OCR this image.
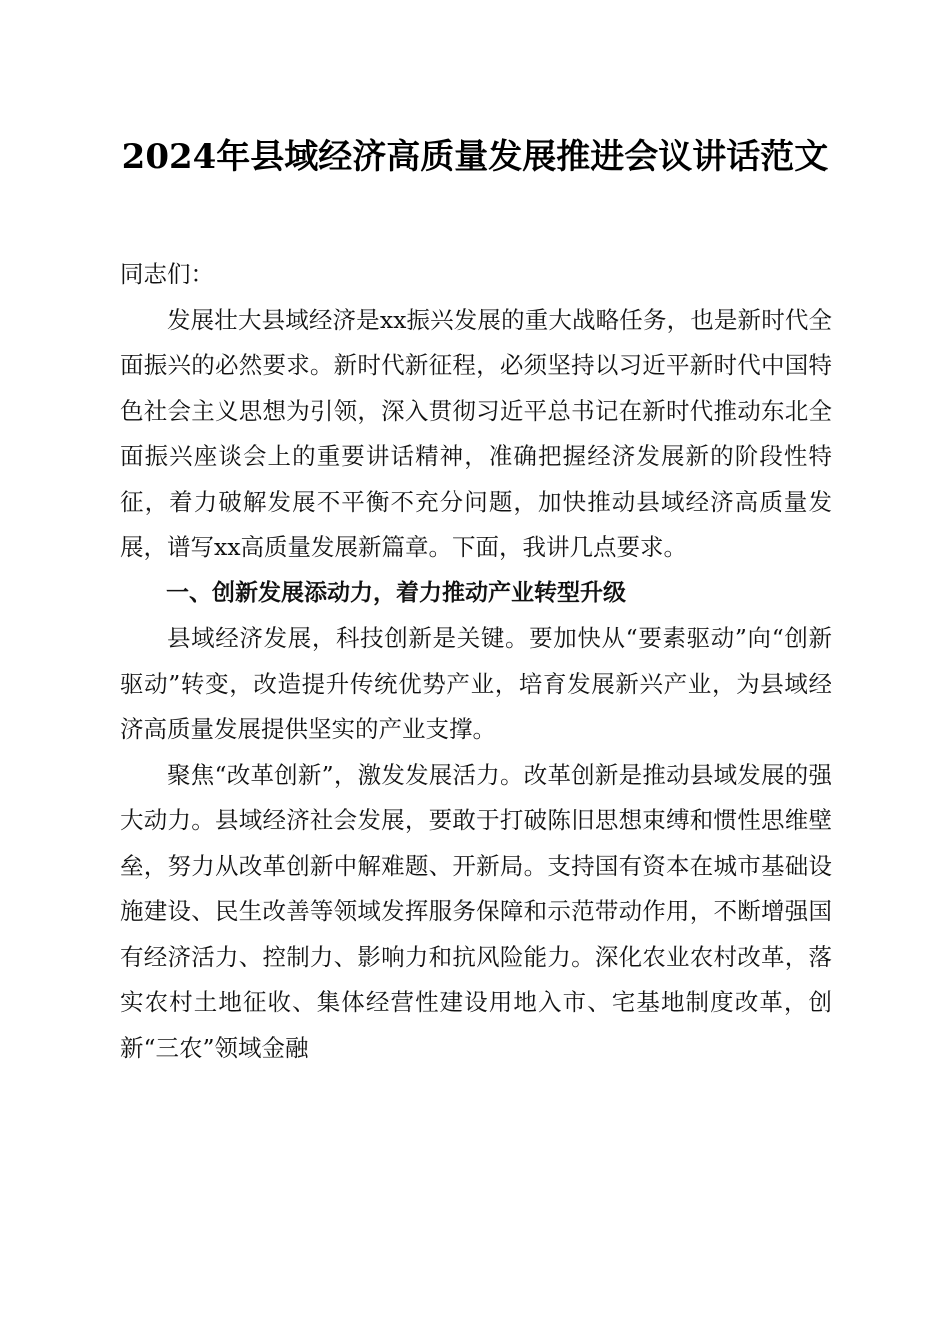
2024年县域经济高质量发展推进会议讲话范文

同志们：

发展壮大县域经济是xx振兴发展的重大战略任务，也是新时代全面振兴的必然要求。新时代新征程，必须坚持以习近平新时代中国特色社会主义思想为引领，深入贯彻习近平总书记在新时代推动东北全面振兴座谈会上的重要讲话精神，准确把握经济发展新的阶段性特征，着力破解发展不平衡不充分问题，加快推动县域经济高质量发展，谱写xx高质量发展新篇章。下面，我讲几点要求。

一、创新发展添动力，着力推动产业转型升级

县域经济发展，科技创新是关键。要加快从“要素驱动”向“创新驱动”转变，改造提升传统优势产业，培育发展新兴产业，为县域经济高质量发展提供坚实的产业支撑。

聚焦“改革创新”，激发发展活力。改革创新是推动县域发展的强大动力。县域经济社会发展，要敢于打破陈旧思想束缚和惯性思维壁垒，努力从改革创新中解难题、开新局。支持国有资本在城市基础设施建设、民生改善等领域发挥服务保障和示范带动作用，不断增强国有经济活力、控制力、影响力和抗风险能力。深化农业农村改革，落实农村土地征收、集体经营性建设用地入市、宅基地制度改革，创新“三农”领域金融
